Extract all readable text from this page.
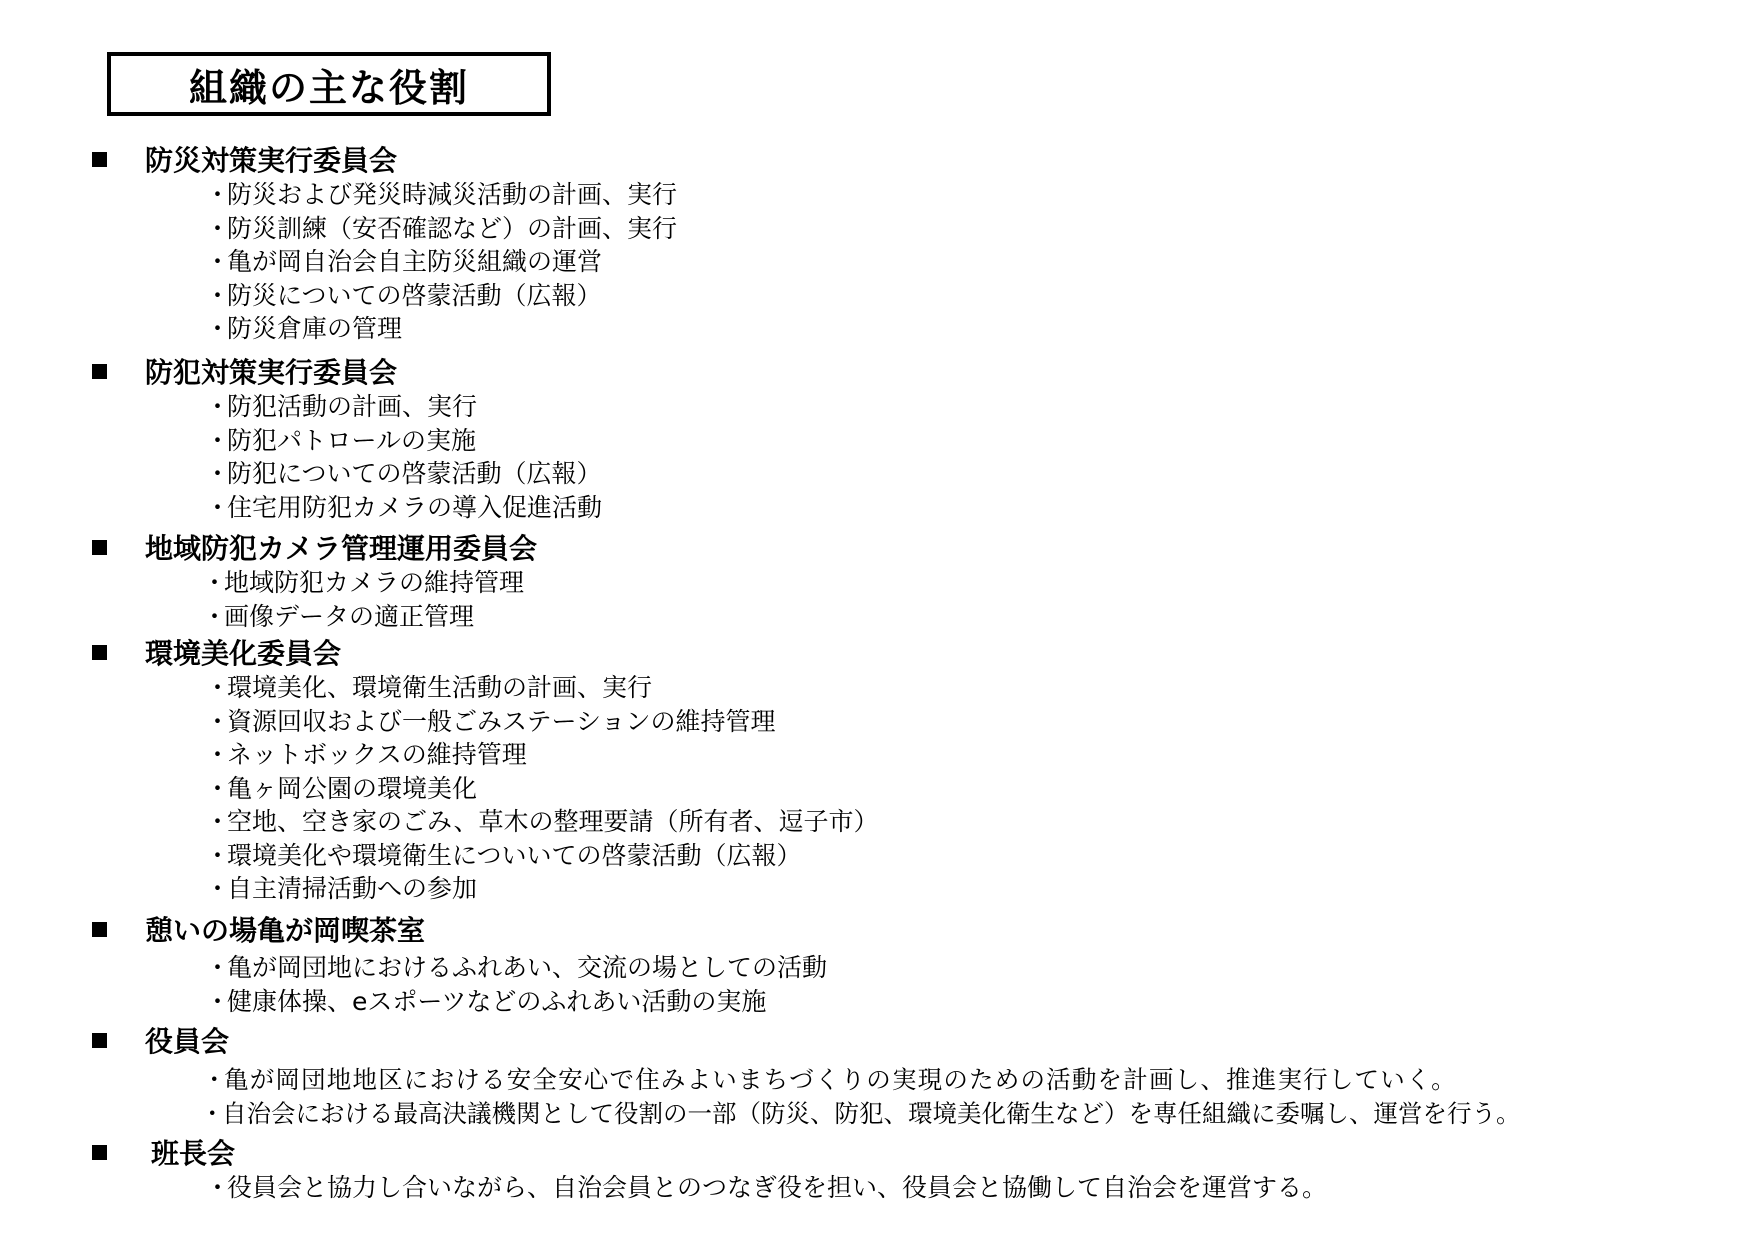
組織の主な役割
防災対策実行委員会
・防災および発災時減災活動の計画、実行
・防災訓練（安否確認など）の計画、実行
・亀が岡自治会自主防災組織の運営
・防災についての啓蒙活動（広報）
・防災倉庫の管理
防犯対策実行委員会
・防犯活動の計画、実行
・防犯パトロールの実施
・防犯についての啓蒙活動（広報）
・住宅用防犯カメラの導入促進活動
地域防犯カメラ管理運用委員会
・地域防犯カメラの維持管理
・画像データの適正管理
環境美化委員会
・環境美化、環境衛生活動の計画、実行
・資源回収および一般ごみステーションの維持管理
・ネットボックスの維持管理
・亀ヶ岡公園の環境美化
・空地、空き家のごみ、草木の整理要請（所有者、逗子市）
・環境美化や環境衛生についいての啓蒙活動（広報）
・自主清掃活動への参加
憩いの場亀が岡喫茶室
・亀が岡団地におけるふれあい、交流の場としての活動
・健康体操、eスポーツなどのふれあい活動の実施
役員会
・亀が岡団地地区における安全安心で住みよいまちづくりの実現のための活動を計画し、推進実行していく。
・自治会における最高決議機関として役割の一部（防災、防犯、環境美化衛生など）を専任組織に委嘱し、運営を行う。
班長会
・役員会と協力し合いながら、自治会員とのつなぎ役を担い、役員会と協働して自治会を運営する。
